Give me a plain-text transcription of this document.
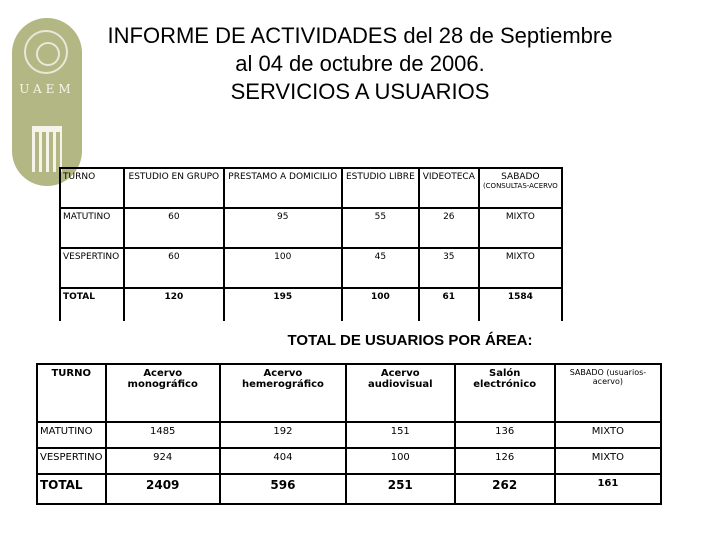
UAEM
INFORME DE ACTIVIDADES del 28 de Septiembre
al 04 de octubre de 2006.
SERVICIOS A USUARIOS
TURNO	ESTUDIO EN GRUPO	PRESTAMO A DOMICILIO	ESTUDIO LIBRE	VIDEOTECA	SABADO
(CONSULTAS-ACERVO

MATUTINO	60	95	55	26	MIXTO
VESPERTINO	60	100	45	35	MIXTO
TOTAL	120	195	100	61	1584
TOTAL DE USUARIOS POR ÁREA:
TURNO	Acervo monográfico	Acervo hemerográfico	Acervo audiovisual	Salón electrónico	SABADO (usuarios-acervo)
MATUTINO	1485	192	151	136	MIXTO
VESPERTINO	924	404	100	126	MIXTO
TOTAL	2409	596	251	262	161
